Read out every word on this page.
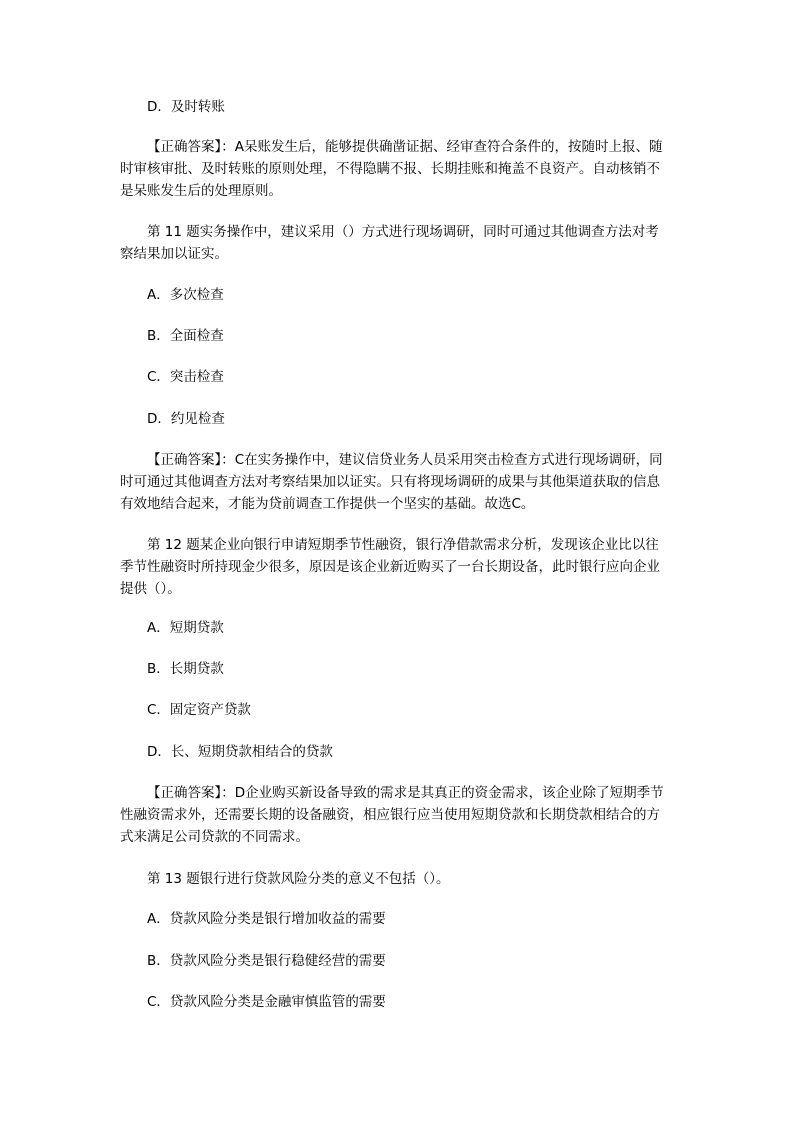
D．及时转账

【正确答案】：A呆账发生后，能够提供确凿证据、经审查符合条件的，按随时上报、随时审核审批、及时转账的原则处理，不得隐瞒不报、长期挂账和掩盖不良资产。自动核销不是呆账发生后的处理原则。

第 11 题实务操作中，建议采用（）方式进行现场调研，同时可通过其他调查方法对考察结果加以证实。

A．多次检查

B．全面检查

C．突击检查

D．约见检查

【正确答案】：C在实务操作中，建议信贷业务人员采用突击检查方式进行现场调研，同时可通过其他调查方法对考察结果加以证实。只有将现场调研的成果与其他渠道获取的信息有效地结合起来，才能为贷前调查工作提供一个坚实的基础。故选C。

第 12 题某企业向银行申请短期季节性融资，银行净借款需求分析，发现该企业比以往季节性融资时所持现金少很多，原因是该企业新近购买了一台长期设备，此时银行应向企业提供（）。

A．短期贷款

B．长期贷款

C．固定资产贷款

D．长、短期贷款相结合的贷款

【正确答案】：D企业购买新设备导致的需求是其真正的资金需求，该企业除了短期季节性融资需求外，还需要长期的设备融资，相应银行应当使用短期贷款和长期贷款相结合的方式来满足公司贷款的不同需求。

第 13 题银行进行贷款风险分类的意义不包括（）。

A．贷款风险分类是银行增加收益的需要

B．贷款风险分类是银行稳健经营的需要

C．贷款风险分类是金融审慎监管的需要
